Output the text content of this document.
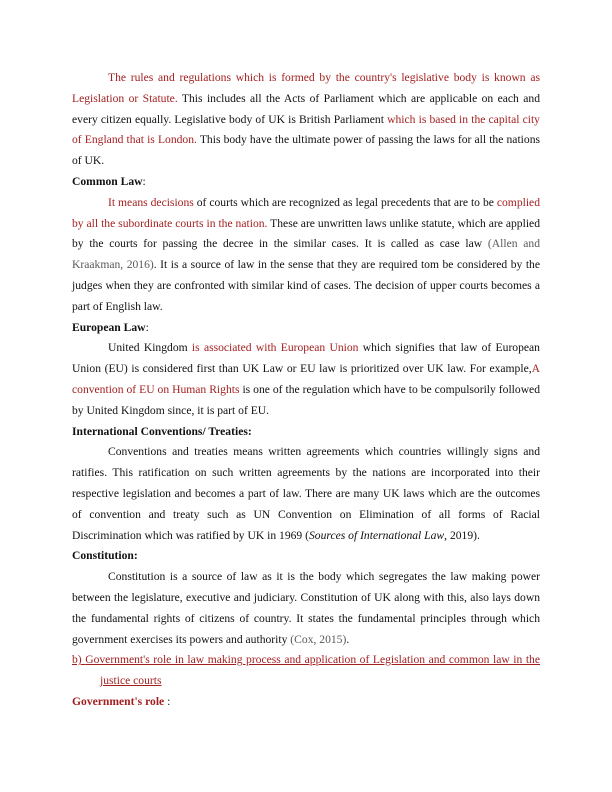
The rules and regulations which is formed by the country's legislative body is known as Legislation or Statute. This includes all the Acts of Parliament which are applicable on each and every citizen equally. Legislative body of UK is British Parliament which is based in the capital city of England that is London. This body have the ultimate power of passing the laws for all the nations of UK.

Common Law:

It means decisions of courts which are recognized as legal precedents that are to be complied by all the subordinate courts in the nation. These are unwritten laws unlike statute, which are applied by the courts for passing the decree in the similar cases. It is called as case law (Allen and Kraakman, 2016). It is a source of law in the sense that they are required tom be considered by the judges when they are confronted with similar kind of cases. The decision of upper courts becomes a part of English law.

European Law:

United Kingdom is associated with European Union which signifies that law of European Union (EU) is considered first than UK Law or EU law is prioritized over UK law. For example,A convention of EU on Human Rights is one of the regulation which have to be compulsorily followed by United Kingdom since, it is part of EU.

International Conventions/ Treaties:

Conventions and treaties means written agreements which countries willingly signs and ratifies. This ratification on such written agreements by the nations are incorporated into their respective legislation and becomes a part of law. There are many UK laws which are the outcomes of convention and treaty such as UN Convention on Elimination of all forms of Racial Discrimination which was ratified by UK in 1969 (Sources of International Law, 2019).

Constitution:

Constitution is a source of law as it is the body which segregates the law making power between the legislature, executive and judiciary. Constitution of UK along with this, also lays down the fundamental rights of citizens of country. It states the fundamental principles through which government exercises its powers and authority (Cox, 2015).

b) Government's role in law making process and application of Legislation and common law in the justice courts

Government's role :
